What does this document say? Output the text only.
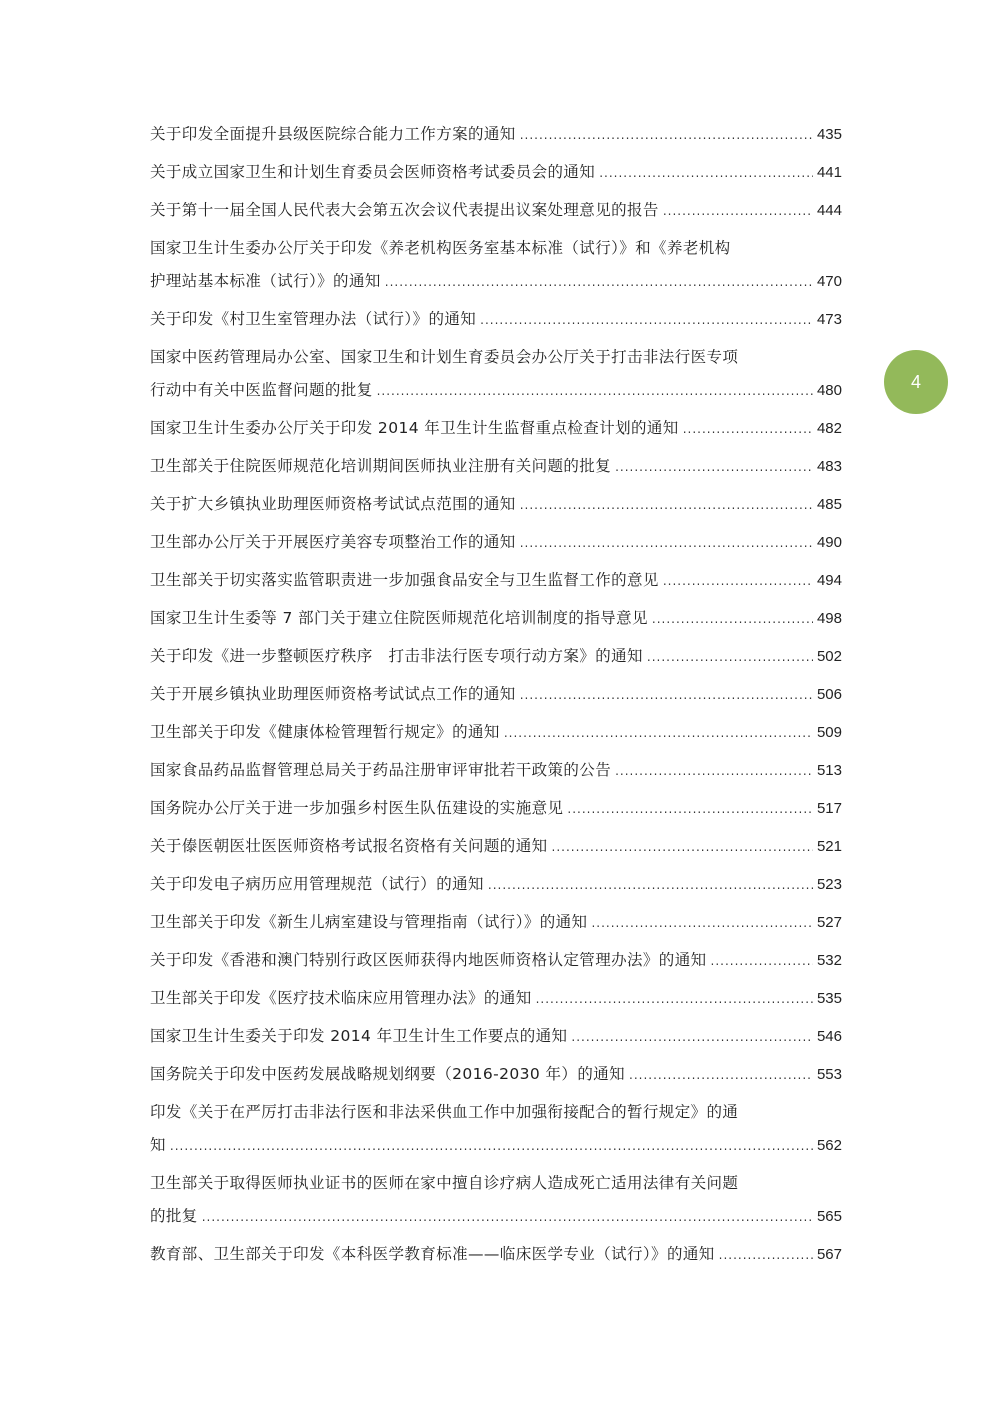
关于印发全面提升县级医院综合能力工作方案的通知 .....	435
关于成立国家卫生和计划生育委员会医师资格考试委员会的通知 .....	441
关于第十一届全国人民代表大会第五次会议代表提出议案处理意见的报告 .....	444
国家卫生计生委办公厅关于印发《养老机构医务室基本标准（试行）》和《养老机构
护理站基本标准（试行）》的通知 .....	470
关于印发《村卫生室管理办法（试行）》的通知 .....	473
国家中医药管理局办公室、国家卫生和计划生育委员会办公厅关于打击非法行医专项
行动中有关中医监督问题的批复 .....	480
国家卫生计生委办公厅关于印发 2014 年卫生计生监督重点检查计划的通知 .....	482
卫生部关于住院医师规范化培训期间医师执业注册有关问题的批复 .....	483
关于扩大乡镇执业助理医师资格考试试点范围的通知 .....	485
卫生部办公厅关于开展医疗美容专项整治工作的通知 .....	490
卫生部关于切实落实监管职责进一步加强食品安全与卫生监督工作的意见 .....	494
国家卫生计生委等 7 部门关于建立住院医师规范化培训制度的指导意见 .....	498
关于印发《进一步整顿医疗秩序　打击非法行医专项行动方案》的通知 .....	502
关于开展乡镇执业助理医师资格考试试点工作的通知 .....	506
卫生部关于印发《健康体检管理暂行规定》的通知 .....	509
国家食品药品监督管理总局关于药品注册审评审批若干政策的公告 .....	513
国务院办公厅关于进一步加强乡村医生队伍建设的实施意见 .....	517
关于傣医朝医壮医医师资格考试报名资格有关问题的通知 .....	521
关于印发电子病历应用管理规范（试行）的通知 .....	523
卫生部关于印发《新生儿病室建设与管理指南（试行）》的通知 .....	527
关于印发《香港和澳门特别行政区医师获得内地医师资格认定管理办法》的通知 .....	532
卫生部关于印发《医疗技术临床应用管理办法》的通知 .....	535
国家卫生计生委关于印发 2014 年卫生计生工作要点的通知 .....	546
国务院关于印发中医药发展战略规划纲要（2016-2030 年）的通知 .....	553
印发《关于在严厉打击非法行医和非法采供血工作中加强衔接配合的暂行规定》的通
知 .....	562
卫生部关于取得医师执业证书的医师在家中擅自诊疗病人造成死亡适用法律有关问题
的批复 .....	565
教育部、卫生部关于印发《本科医学教育标准——临床医学专业（试行）》的通知 .....	567
4
